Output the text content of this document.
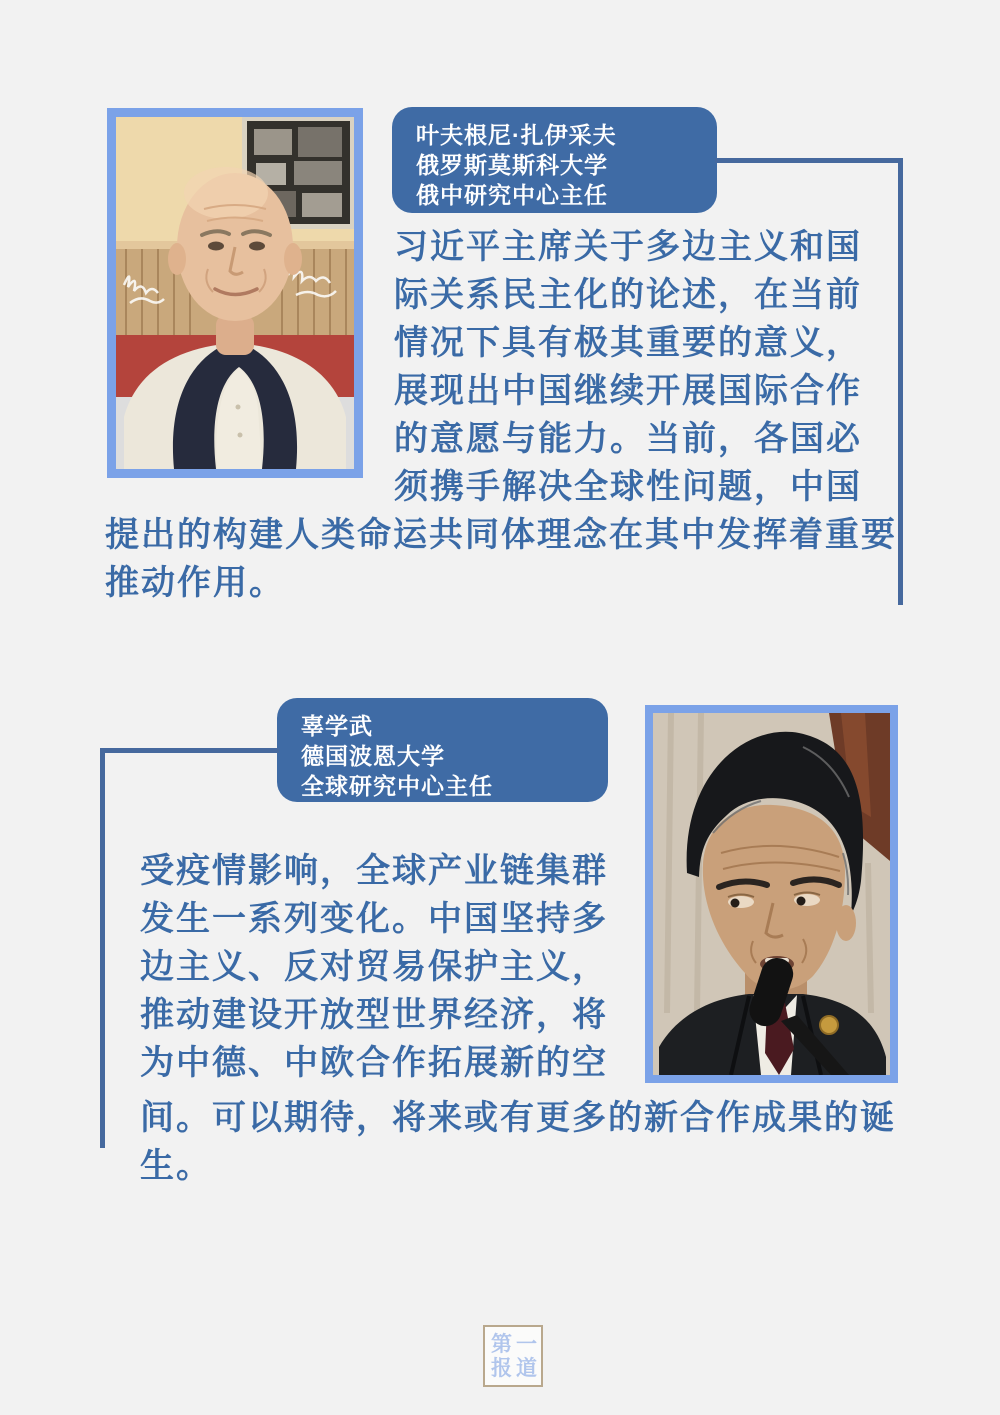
叶夫根尼·扎伊采夫
俄罗斯莫斯科大学
俄中研究中心主任
习近平主席关于多边主义和国
际关系民主化的论述，在当前
情况下具有极其重要的意义，
展现出中国继续开展国际合作
的意愿与能力。当前，各国必
须携手解决全球性问题，中国
提出的构建人类命运共同体理念在其中发挥着重要
推动作用。
辜学武
德国波恩大学
全球研究中心主任
受疫情影响，全球产业链集群
发生一系列变化。中国坚持多
边主义、反对贸易保护主义，
推动建设开放型世界经济，将
为中德、中欧合作拓展新的空
间。可以期待，将来或有更多的新合作成果的诞
生。
第 一
报 道
